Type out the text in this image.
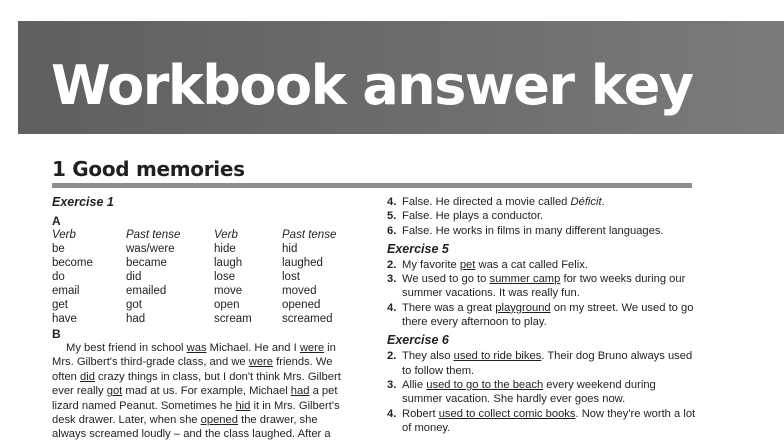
Workbook answer key
1 Good memories

Exercise 1

A
Verb	Past tense	Verb	Past tense
be	was/were	hide	hid
become	became	laugh	laughed
do	did	lose	lost
email	emailed	move	moved
get	got	open	opened
have	had	scream	screamed
B

My best friend in school was Michael. He and I were in Mrs. Gilbert's third-grade class, and we were friends. We often did crazy things in class, but I don't think Mrs. Gilbert ever really got mad at us. For example, Michael had a pet lizard named Peanut. Sometimes he hid it in Mrs. Gilbert's desk drawer. Later, when she opened the drawer, she always screamed loudly – and the class laughed. After a

4. False. He directed a movie called Déficit.

5. False. He plays a conductor.

6. False. He works in films in many different languages.

Exercise 5

2. My favorite pet was a cat called Felix.

3. We used to go to summer camp for two weeks during our summer vacations. It was really fun.

4. There was a great playground on my street. We used to go there every afternoon to play.

Exercise 6

2. They also used to ride bikes. Their dog Bruno always used to follow them.

3. Allie used to go to the beach every weekend during summer vacation. She hardly ever goes now.

4. Robert used to collect comic books. Now they're worth a lot of money.
